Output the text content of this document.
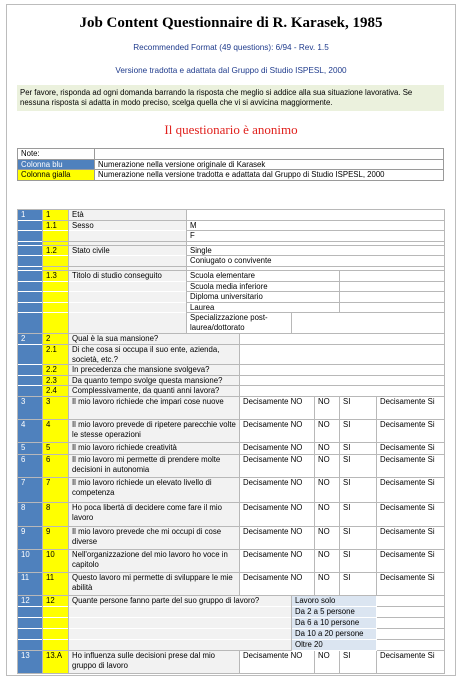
Job Content Questionnaire di R. Karasek, 1985
Recommended Format (49 questions): 6/94 - Rev. 1.5
Versione tradotta e adattata dal Gruppo di Studio ISPESL, 2000
Per favore, risponda ad ogni domanda barrando la risposta che meglio si addice alla sua situazione lavorativa. Se nessuna risposta si adatta in modo preciso, scelga quella che vi si avvicina maggiormente.
Il questionario è anonimo
Note:	
Colonna blu	Numerazione nella versione originale di Karasek
Colonna gialla	Numerazione nella versione tradotta e adattata dal Gruppo di Studio ISPESL, 2000
1	1	Età						
	1.1	Sesso	M					
			F					

	1.2	Stato civile	Single					
			Coniugato o convivente					

	1.3	Titolo di studio conseguito	Scuola elementare					
			Scuola media inferiore					
			Diploma universitario					
			Laurea					
			Specializzazione post-laurea/dottorato					
2	2	Qual è la sua mansione?						
	2.1	Di che cosa si occupa il suo ente, azienda, società, etc.?						
	2.2	In precedenza che mansione svolgeva?						
	2.3	Da quanto tempo svolge questa mansione?						
	2.4	Complessivamente, da quanti anni lavora?						
3	3	Il mio lavoro richiede che impari cose nuove		Decisamente NO		NO	SI	Decisamente Si
4	4	Il mio lavoro prevede di ripetere parecchie volte le stesse operazioni		Decisamente NO		NO	SI	Decisamente Si
5	5	Il mio lavoro richiede creatività		Decisamente NO		NO	SI	Decisamente Si
6	6	Il mio lavoro mi permette di prendere molte decisioni in autonomia		Decisamente NO		NO	SI	Decisamente Si
7	7	Il mio lavoro richiede un elevato livello di competenza		Decisamente NO		NO	SI	Decisamente Si
8	8	Ho poca libertà di decidere come fare il mio lavoro		Decisamente NO		NO	SI	Decisamente Si
9	9	Il mio lavoro prevede che mi occupi di cose diverse		Decisamente NO		NO	SI	Decisamente Si
10	10	Nell'organizzazione del mio lavoro ho voce in capitolo		Decisamente NO		NO	SI	Decisamente Si
11	11	Questo lavoro mi permette di sviluppare le mie abilità		Decisamente NO		NO	SI	Decisamente Si
12	12	Quante persone fanno parte del suo gruppo di lavoro?			Lavoro solo			
					Da 2 a 5 persone			
					Da 6 a 10 persone			
					Da 10 a 20 persone			
					Oltre 20			
13	13.A	Ho influenza sulle decisioni prese dal mio gruppo di lavoro		Decisamente NO		NO	SI	Decisamente Si
